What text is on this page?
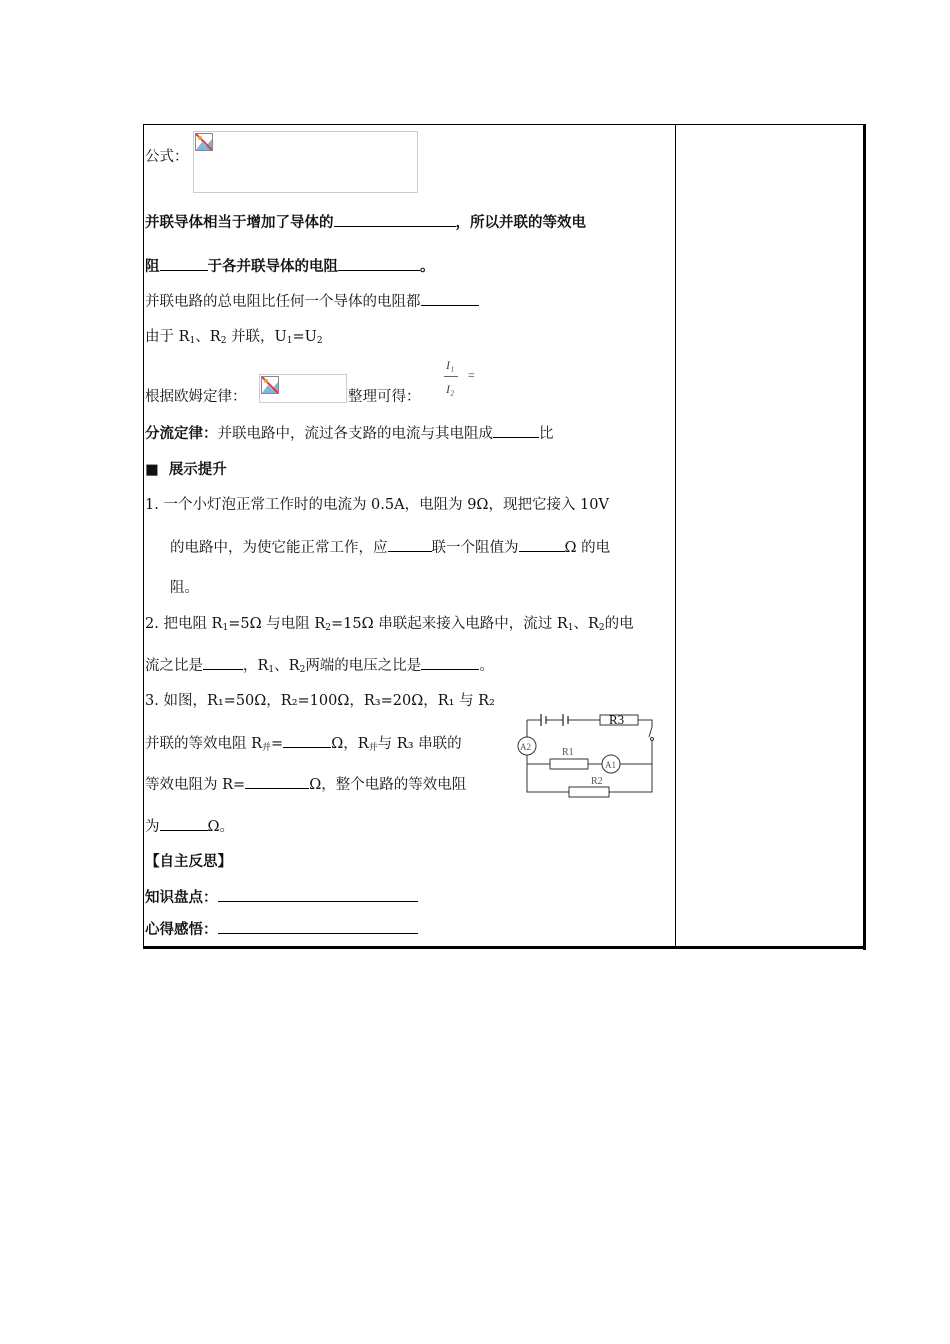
公式：
并联导体相当于增加了导体的	，所以并联的等效电
阻	于各并联导体的电阻	。
并联电路的总电阻比任何一个导体的电阻都
由于 $R_1$、$R_2$ 并联，$U_1=U_2$
根据欧姆定律：	整理可得：
I₁
I₂
=
分流定律：并联电路中，流过各支路的电流与其电阻成	比
■ 展示提升
1. 一个小灯泡正常工作时的电流为 0.5A，电阻为 9Ω，现把它接入 10V
的电路中，为使它能正常工作，应	联一个阻值为	Ω 的电
阻。
2. 把电阻 $R_1=5\Omega$ 与电阻 $R_2=15\Omega$ 串联起来接入电路中，流过 $R_1$、$R_2$的电
流之比是	，$R_1$、$R_2$两端的电压之比是	。
3. 如图，R₁=50Ω，R₂=100Ω，R₃=20Ω，R₁ 与 R₂
并联的等效电阻 $R_并=$	Ω，$R_并$与 R₃ 串联的
等效电阻为 R=	Ω，整个电路的等效电阻
为	Ω。
R3
R1
R2
A1
A2
【自主反思】
知识盘点：
心得感悟：
